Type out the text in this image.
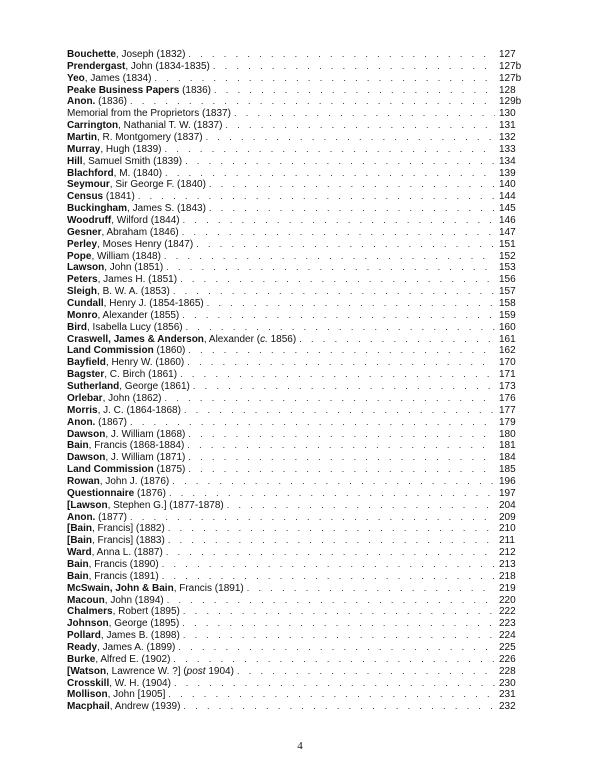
Bouchette, Joseph (1832) . . .	127
Prendergast, John (1834-1835) . . .	127b
Yeo, James (1834) . . .	127b
Peake Business Papers (1836) . . .	128
Anon. (1836) . . .	129b
Memorial from the Proprietors (1837) . . .	130
Carrington, Nathanial T. W. (1837) . . .	131
Martin, R. Montgomery (1837) . . .	132
Murray, Hugh (1839) . . .	133
Hill, Samuel Smith (1839) . . .	134
Blachford, M. (1840) . . .	139
Seymour, Sir George F. (1840) . . .	140
Census (1841) . . .	144
Buckingham, James S. (1843) . . .	145
Woodruff, Wilford (1844) . . .	146
Gesner, Abraham (1846) . . .	147
Perley, Moses Henry (1847) . . .	151
Pope, William (1848) . . .	152
Lawson, John (1851) . . .	153
Peters, James H. (1851) . . .	156
Sleigh, B. W. A. (1853) . . .	157
Cundall, Henry J. (1854-1865) . . .	158
Monro, Alexander (1855) . . .	159
Bird, Isabella Lucy (1856) . . .	160
Craswell, James & Anderson, Alexander (c. 1856) . . .	161
Land Commission (1860) . . .	162
Bayfield, Henry W. (1860) . . .	170
Bagster, C. Birch (1861) . . .	171
Sutherland, George (1861) . . .	173
Orlebar, John (1862) . . .	176
Morris, J. C. (1864-1868) . . .	177
Anon. (1867) . . .	179
Dawson, J. William (1868) . . .	180
Bain, Francis (1868-1884) . . .	181
Dawson, J. William (1871) . . .	184
Land Commission (1875) . . .	185
Rowan, John J. (1876) . . .	196
Questionnaire (1876) . . .	197
[Lawson, Stephen G.] (1877-1878) . . .	204
Anon. (1877) . . .	209
[Bain, Francis] (1882) . . .	210
[Bain, Francis] (1883) . . .	211
Ward, Anna L. (1887) . . .	212
Bain, Francis (1890) . . .	213
Bain, Francis (1891) . . .	218
McSwain, John & Bain, Francis (1891) . . .	219
Macoun, John (1894) . . .	220
Chalmers, Robert (1895) . . .	222
Johnson, George (1895) . . .	223
Pollard, James B. (1898) . . .	224
Ready, James A. (1899) . . .	225
Burke, Alfred E. (1902) . . .	226
[Watson, Lawrence W. ?] (post 1904) . . .	228
Crosskill, W. H. (1904) . . .	230
Mollison, John [1905] . . .	231
Macphail, Andrew (1939) . . .	232
4
